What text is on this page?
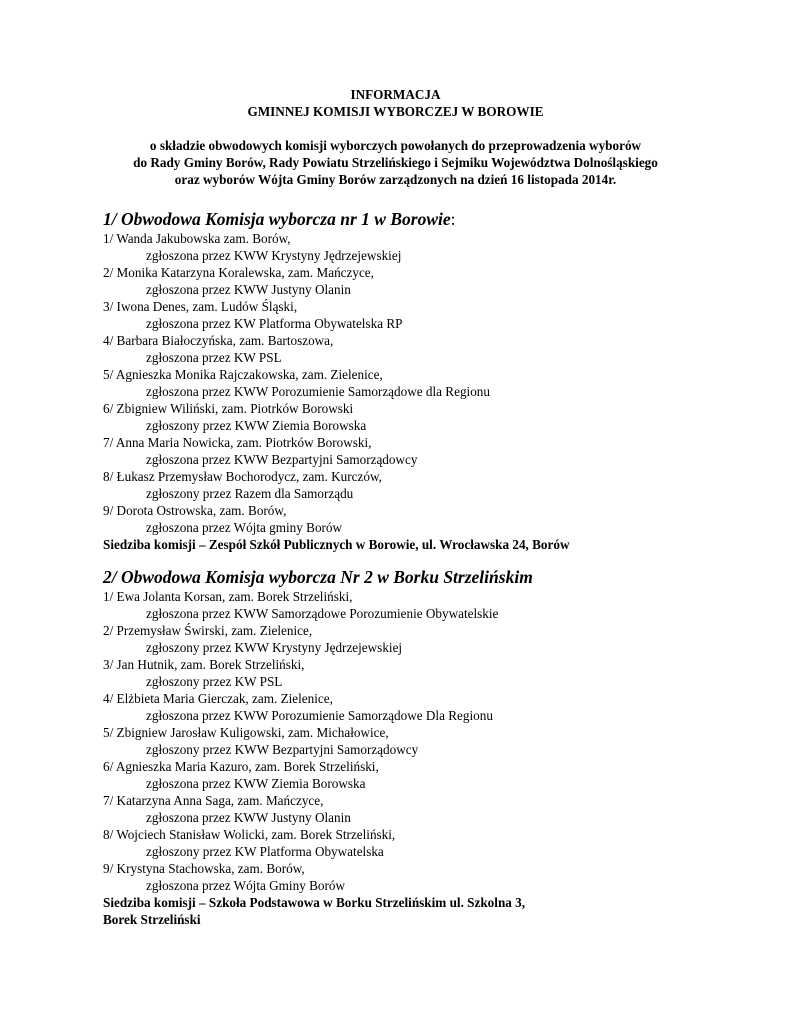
INFORMACJA
GMINNEJ KOMISJI WYBORCZEJ W BOROWIE
o składzie obwodowych komisji wyborczych powołanych do przeprowadzenia wyborów
do Rady Gminy Borów, Rady Powiatu Strzelińskiego i Sejmiku Województwa Dolnośląskiego
oraz wyborów Wójta Gminy Borów zarządzonych na dzień 16 listopada 2014r.
1/ Obwodowa Komisja wyborcza nr 1 w Borowie:
1/ Wanda Jakubowska zam. Borów,
zgłoszona przez KWW Krystyny Jędrzejewskiej
2/ Monika Katarzyna Koralewska, zam. Mańczyce,
zgłoszona przez KWW Justyny Olanin
3/ Iwona Denes, zam. Ludów Śląski,
zgłoszona przez KW Platforma Obywatelska RP
4/ Barbara Białoczyńska, zam. Bartoszowa,
zgłoszona przez KW PSL
5/ Agnieszka Monika Rajczakowska, zam. Zielenice,
zgłoszona przez KWW Porozumienie Samorządowe dla Regionu
6/ Zbigniew Wiliński, zam. Piotrków Borowski
zgłoszony przez KWW Ziemia Borowska
7/ Anna Maria Nowicka, zam. Piotrków Borowski,
zgłoszona przez KWW Bezpartyjni Samorządowcy
8/ Łukasz Przemysław Bochorodycz, zam. Kurczów,
zgłoszony przez Razem dla Samorządu
9/ Dorota Ostrowska, zam. Borów,
zgłoszona przez Wójta gminy Borów
Siedziba komisji – Zespół Szkół Publicznych w Borowie, ul. Wrocławska 24, Borów
2/ Obwodowa Komisja wyborcza Nr 2 w Borku Strzelińskim
1/ Ewa Jolanta Korsan, zam. Borek Strzeliński,
zgłoszona przez KWW Samorządowe Porozumienie Obywatelskie
2/ Przemysław Świrski, zam. Zielenice,
zgłoszony przez KWW Krystyny Jędrzejewskiej
3/ Jan Hutnik, zam. Borek Strzeliński,
zgłoszony przez KW PSL
4/ Elżbieta Maria Gierczak, zam. Zielenice,
zgłoszona przez KWW Porozumienie Samorządowe Dla Regionu
5/ Zbigniew Jarosław Kuligowski, zam. Michałowice,
zgłoszony przez KWW Bezpartyjni Samorządowcy
6/ Agnieszka Maria Kazuro, zam. Borek Strzeliński,
zgłoszona przez KWW Ziemia Borowska
7/ Katarzyna Anna Saga, zam. Mańczyce,
zgłoszona przez KWW Justyny Olanin
8/ Wojciech Stanisław Wolicki, zam. Borek Strzeliński,
zgłoszony przez KW Platforma Obywatelska
9/ Krystyna Stachowska, zam. Borów,
zgłoszona przez Wójta Gminy Borów
Siedziba komisji – Szkoła Podstawowa w Borku Strzelińskim ul. Szkolna 3,
Borek Strzeliński
